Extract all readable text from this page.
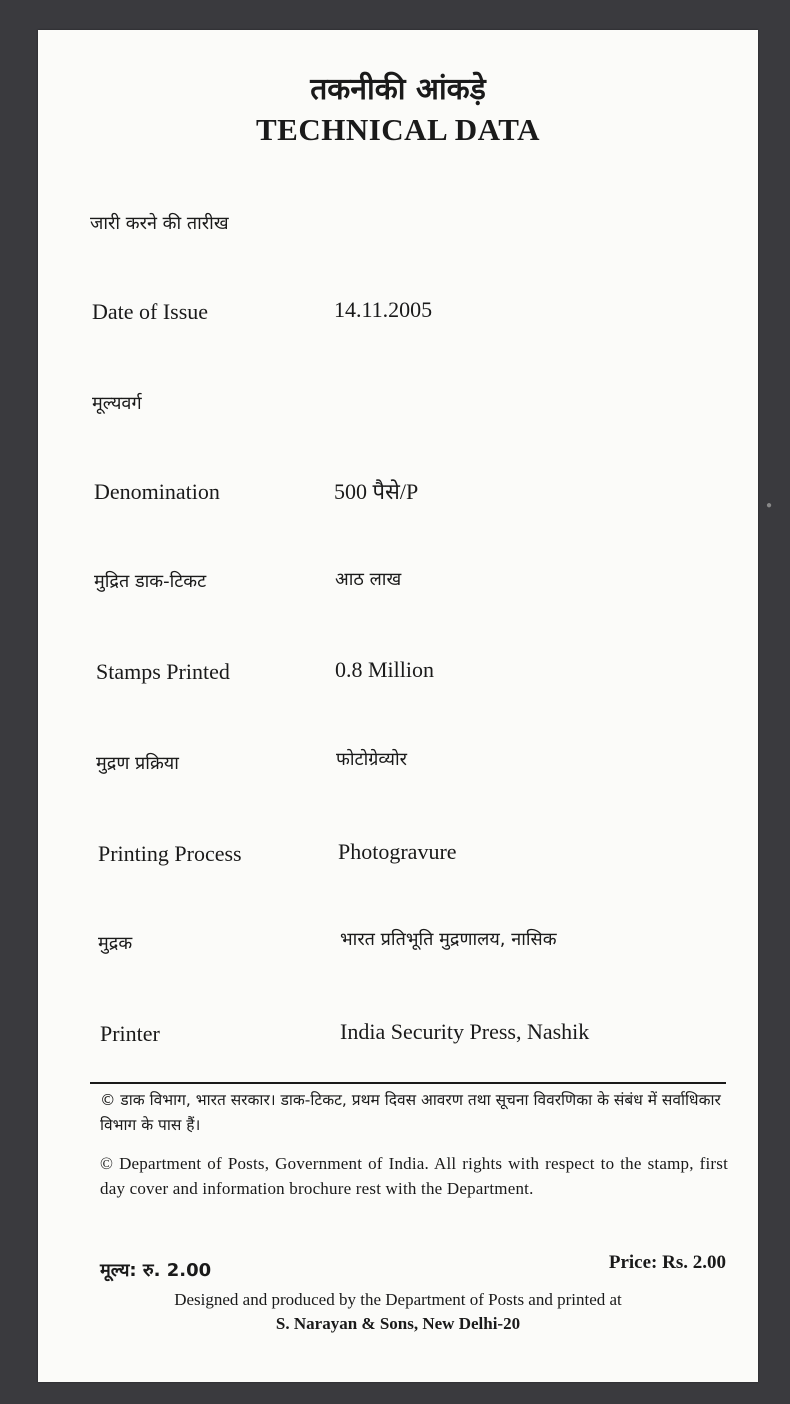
तकनीकी आंकड़े
TECHNICAL DATA
जारी करने की तारीख
Date of Issue	14.11.2005
मूल्यवर्ग
Denomination	500 पैसे/P
मुद्रित डाक-टिकट	आठ लाख
Stamps Printed	0.8 Million
मुद्रण प्रक्रिया	फोटोग्रेव्योर
Printing Process	Photogravure
मुद्रक	भारत प्रतिभूति मुद्रणालय, नासिक
Printer	India Security Press, Nashik
© डाक विभाग, भारत सरकार। डाक-टिकट, प्रथम दिवस आवरण तथा सूचना विवरणिका के संबंध में सर्वाधिकार विभाग के पास हैं।
© Department of Posts, Government of India. All rights with respect to the stamp, first day cover and information brochure rest with the Department.
मूल्य: रु. 2.00	Price: Rs. 2.00
Designed and produced by the Department of Posts and printed at
S. Narayan & Sons, New Delhi-20
●
